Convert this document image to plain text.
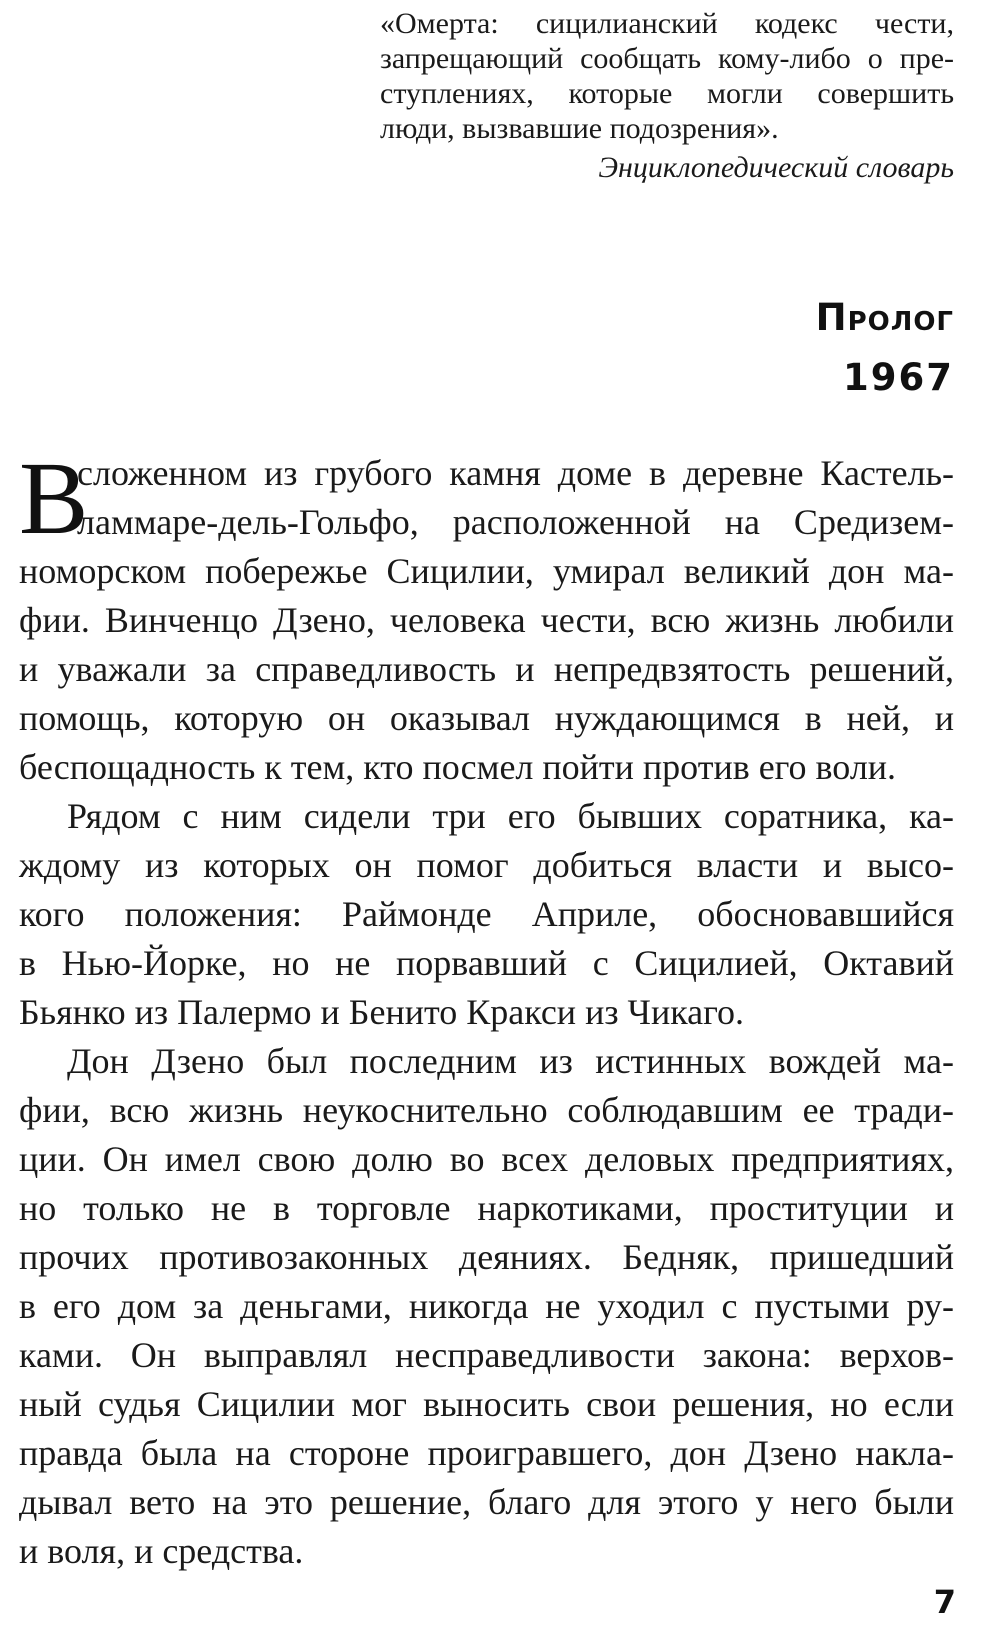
«Омерта: сицилианский кодекс чести,
запрещающий сообщать кому-либо о пре-
ступлениях, которые могли совершить
люди, вызвавшие подозрения».
Энциклопедический словарь
Пролог
1967
В
сложенном из грубого камня доме в деревне Кастель-
ламмаре-дель-Гольфо, расположенной на Средизем-
номорском побережье Сицилии, умирал великий дон ма-
фии. Винченцо Дзено, человека чести, всю жизнь любили
и уважали за справедливость и непредвзятость решений,
помощь, которую он оказывал нуждающимся в ней, и
беспощадность к тем, кто посмел пойти против его воли.
Рядом с ним сидели три его бывших соратника, ка-
ждому из которых он помог добиться власти и высо-
кого положения: Раймонде Априле, обосновавшийся
в Нью-Йорке, но не порвавший с Сицилией, Октавий
Бьянко из Палермо и Бенито Кракси из Чикаго.
Дон Дзено был последним из истинных вождей ма-
фии, всю жизнь неукоснительно соблюдавшим ее тради-
ции. Он имел свою долю во всех деловых предприятиях,
но только не в торговле наркотиками, проституции и
прочих противозаконных деяниях. Бедняк, пришедший
в его дом за деньгами, никогда не уходил с пустыми ру-
ками. Он выправлял несправедливости закона: верхов-
ный судья Сицилии мог выносить свои решения, но если
правда была на стороне проигравшего, дон Дзено накла-
дывал вето на это решение, благо для этого у него были
и воля, и средства.
7
